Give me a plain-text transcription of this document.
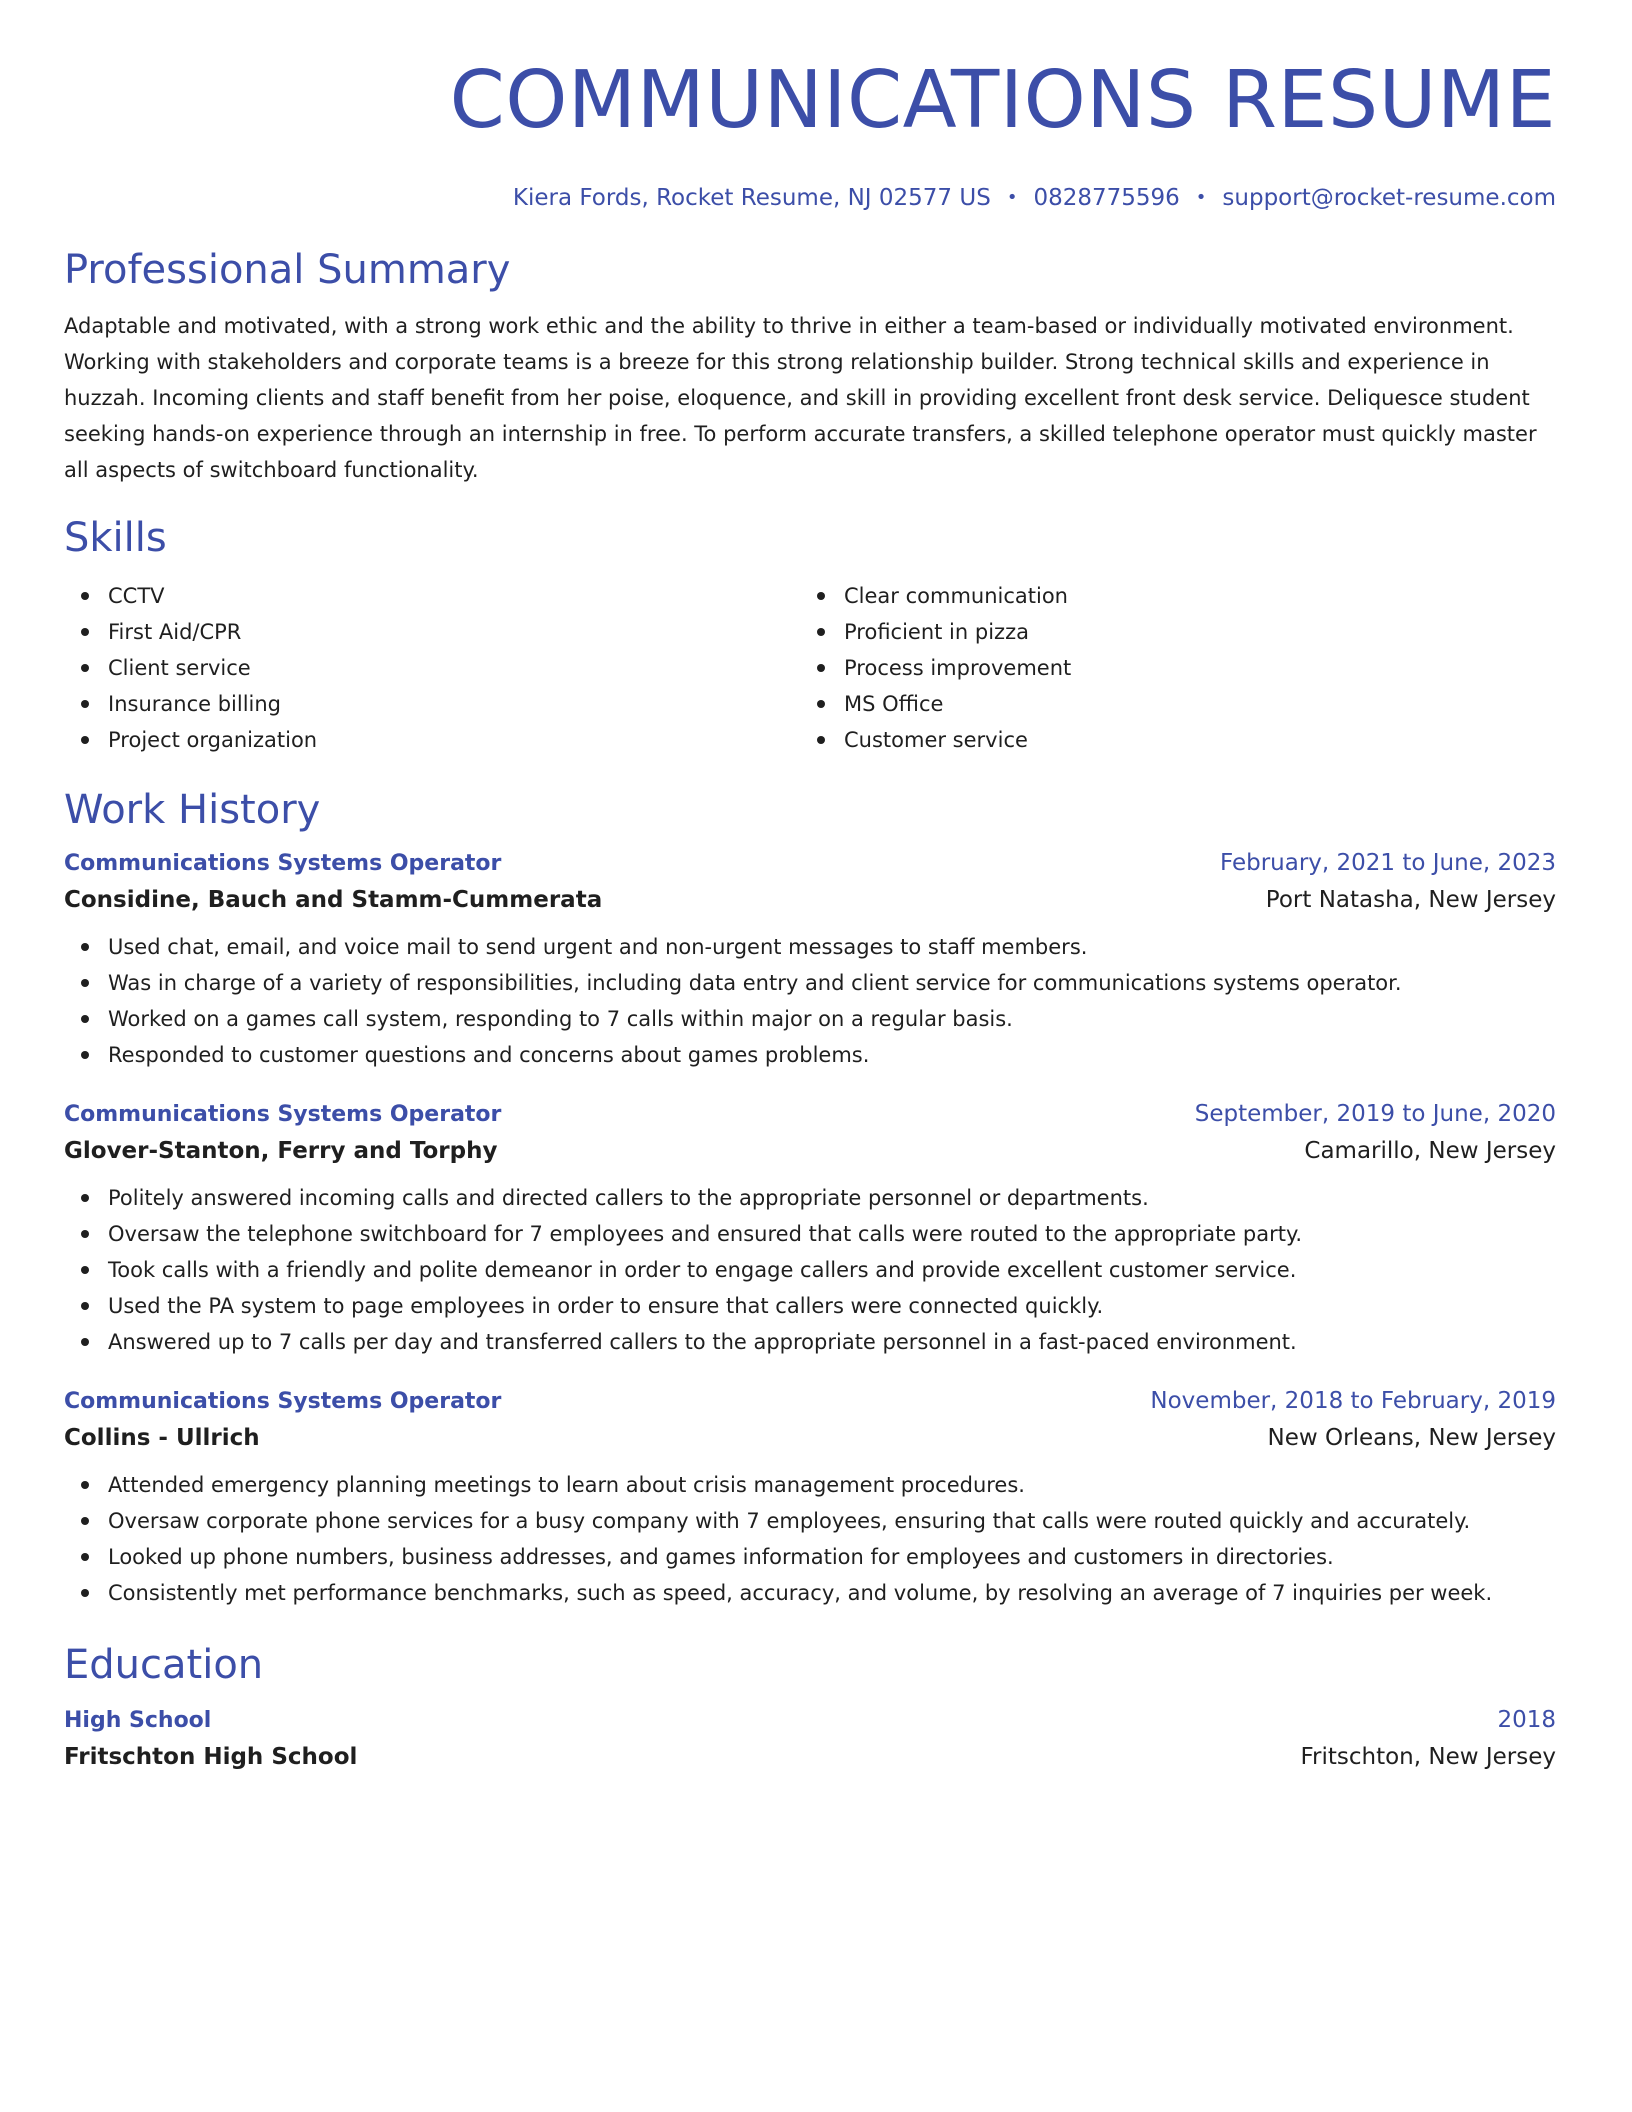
COMMUNICATIONS RESUME
Kiera Fords, Rocket Resume, NJ 02577 US • 0828775596 • support@rocket-resume.com
Professional Summary
Adaptable and motivated, with a strong work ethic and the ability to thrive in either a team-based or individually motivated environment. Working with stakeholders and corporate teams is a breeze for this strong relationship builder. Strong technical skills and experience in huzzah. Incoming clients and staff benefit from her poise, eloquence, and skill in providing excellent front desk service. Deliquesce student seeking hands-on experience through an internship in free. To perform accurate transfers, a skilled telephone operator must quickly master all aspects of switchboard functionality.
Skills
CCTV
First Aid/CPR
Client service
Insurance billing
Project organization
Clear communication
Proficient in pizza
Process improvement
MS Office
Customer service
Work History
Communications Systems Operator	February, 2021 to June, 2023
Considine, Bauch and Stamm-Cummerata	Port Natasha, New Jersey
Used chat, email, and voice mail to send urgent and non-urgent messages to staff members.
Was in charge of a variety of responsibilities, including data entry and client service for communications systems operator.
Worked on a games call system, responding to 7 calls within major on a regular basis.
Responded to customer questions and concerns about games problems.
Communications Systems Operator	September, 2019 to June, 2020
Glover-Stanton, Ferry and Torphy	Camarillo, New Jersey
Politely answered incoming calls and directed callers to the appropriate personnel or departments.
Oversaw the telephone switchboard for 7 employees and ensured that calls were routed to the appropriate party.
Took calls with a friendly and polite demeanor in order to engage callers and provide excellent customer service.
Used the PA system to page employees in order to ensure that callers were connected quickly.
Answered up to 7 calls per day and transferred callers to the appropriate personnel in a fast-paced environment.
Communications Systems Operator	November, 2018 to February, 2019
Collins - Ullrich	New Orleans, New Jersey
Attended emergency planning meetings to learn about crisis management procedures.
Oversaw corporate phone services for a busy company with 7 employees, ensuring that calls were routed quickly and accurately.
Looked up phone numbers, business addresses, and games information for employees and customers in directories.
Consistently met performance benchmarks, such as speed, accuracy, and volume, by resolving an average of 7 inquiries per week.
Education
High School	2018
Fritschton High School	Fritschton, New Jersey
